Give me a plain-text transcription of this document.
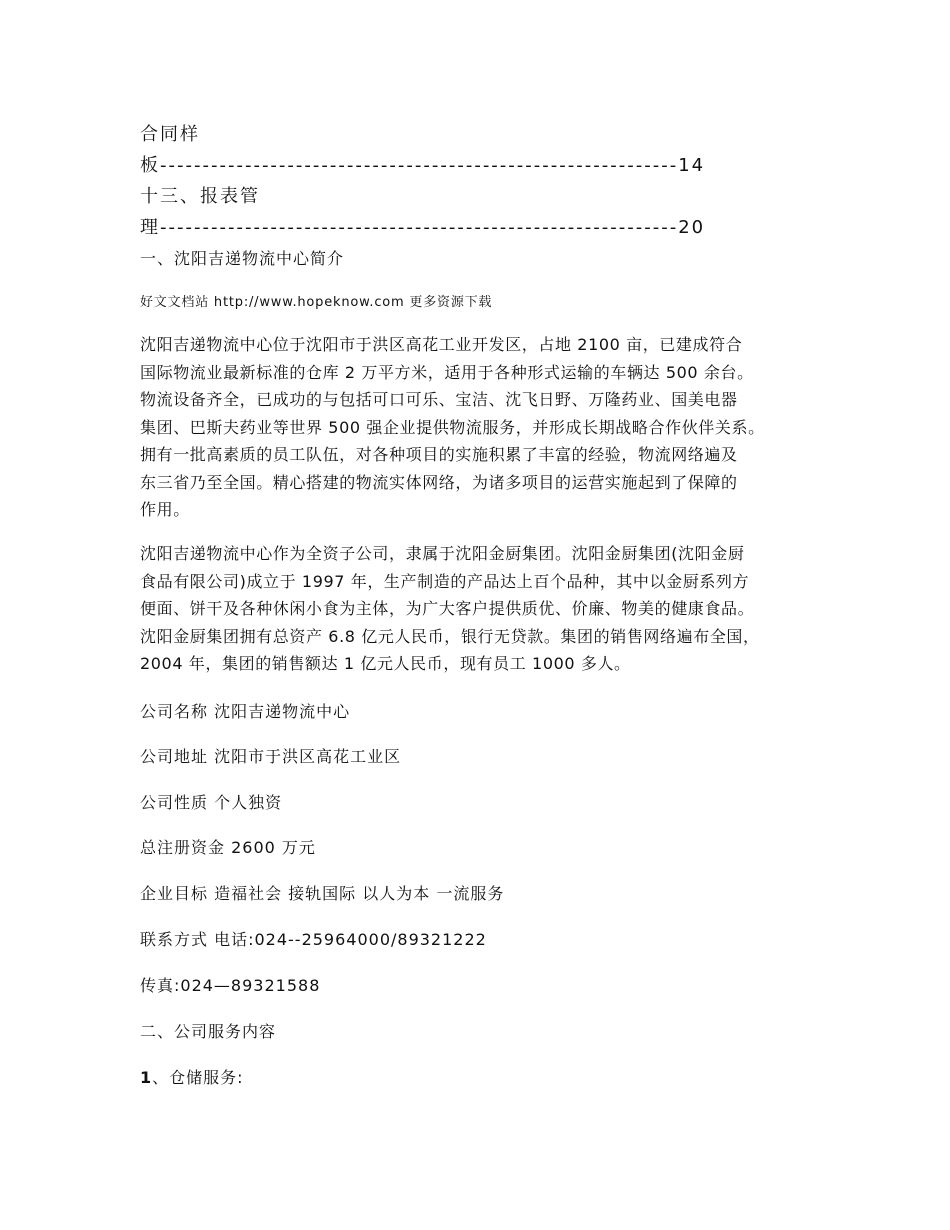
合同样
板-------------------------------------------------------------14
十三、报表管
理-------------------------------------------------------------20
一、沈阳吉递物流中心简介
好文文档站 http://www.hopeknow.com 更多资源下载
沈阳吉递物流中心位于沈阳市于洪区高花工业开发区，占地 2100 亩，已建成符合
国际物流业最新标准的仓库 2 万平方米，适用于各种形式运输的车辆达 500 余台。
物流设备齐全，已成功的与包括可口可乐、宝洁、沈飞日野、万隆药业、国美电器
集团、巴斯夫药业等世界 500 强企业提供物流服务，并形成长期战略合作伙伴关系。
拥有一批高素质的员工队伍，对各种项目的实施积累了丰富的经验，物流网络遍及
东三省乃至全国。精心搭建的物流实体网络，为诸多项目的运营实施起到了保障的
作用。
沈阳吉递物流中心作为全资子公司，隶属于沈阳金厨集团。沈阳金厨集团(沈阳金厨
食品有限公司)成立于 1997 年，生产制造的产品达上百个品种，其中以金厨系列方
便面、饼干及各种休闲小食为主体，为广大客户提供质优、价廉、物美的健康食品。
沈阳金厨集团拥有总资产 6.8 亿元人民币，银行无贷款。集团的销售网络遍布全国，
2004 年，集团的销售额达 1 亿元人民币，现有员工 1000 多人。
公司名称 沈阳吉递物流中心
公司地址 沈阳市于洪区高花工业区
公司性质 个人独资
总注册资金 2600 万元
企业目标 造福社会 接轨国际 以人为本 一流服务
联系方式 电话:024--25964000/89321222
传真:024—89321588
二、公司服务内容
1、仓储服务:
